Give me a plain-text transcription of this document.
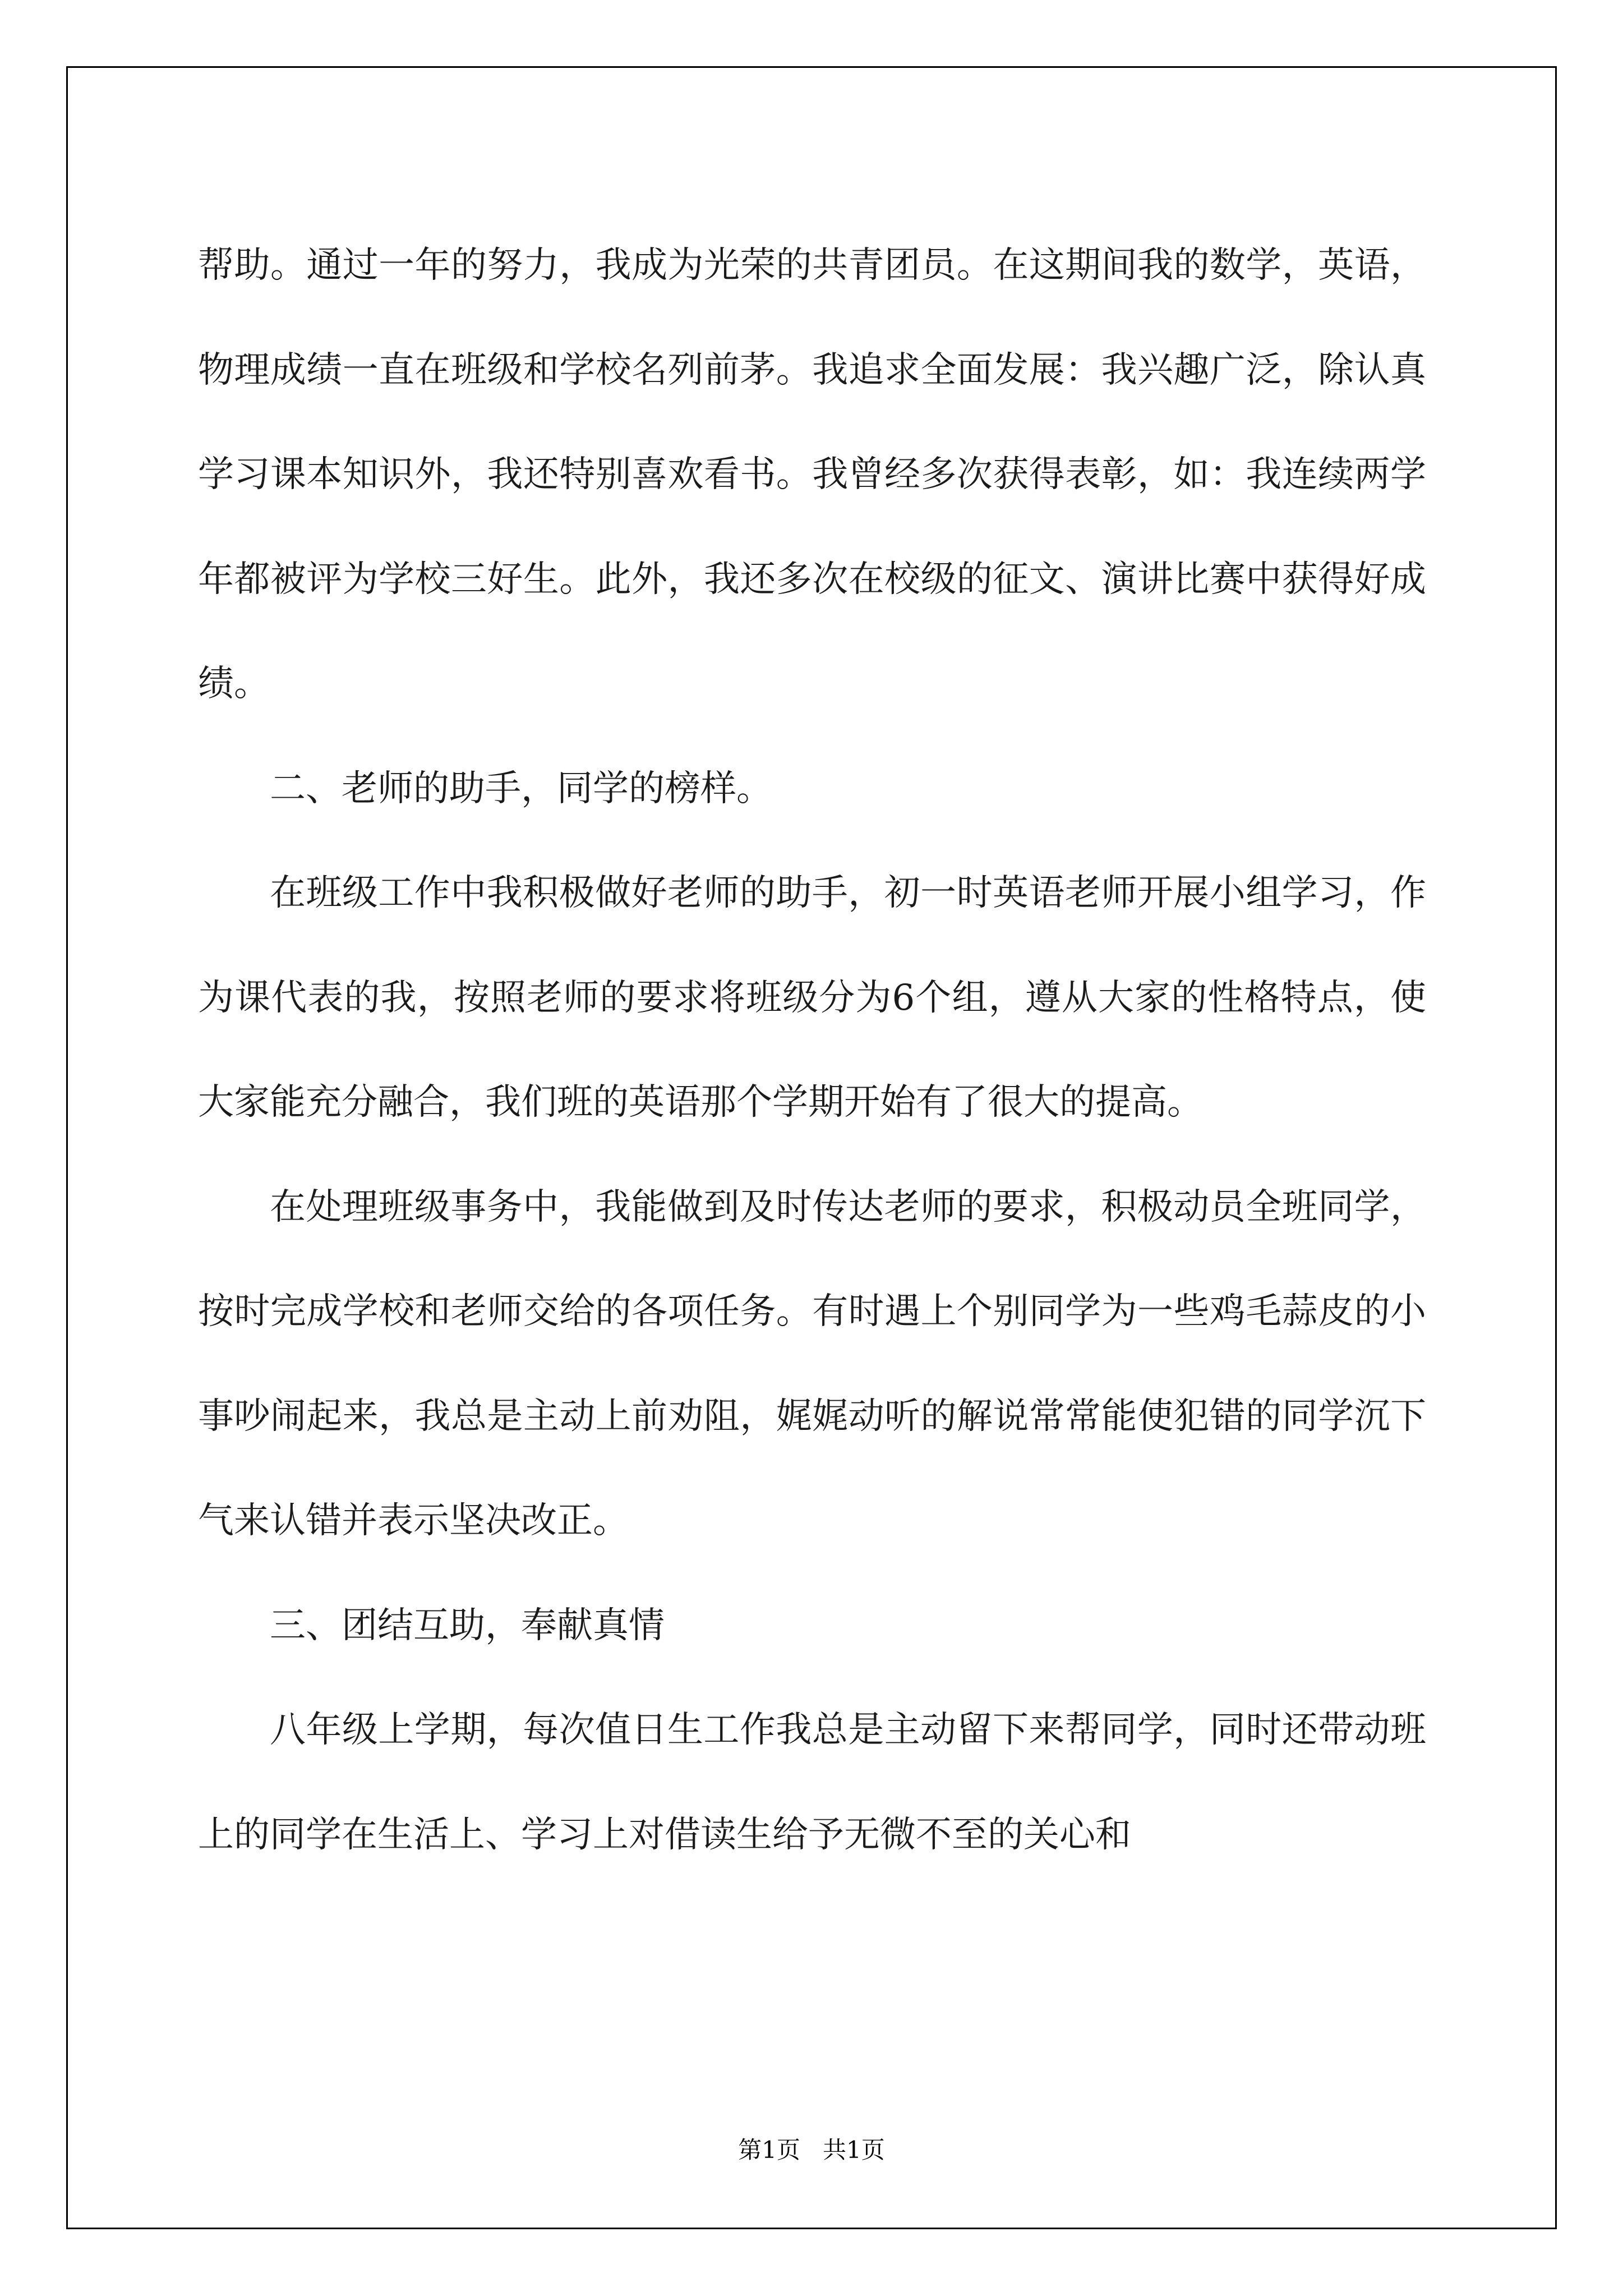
帮助。通过一年的努力，我成为光荣的共青团员。在这期间我的数学，英语，物理成绩一直在班级和学校名列前茅。我追求全面发展：我兴趣广泛，除认真学习课本知识外，我还特别喜欢看书。我曾经多次获得表彰，如：我连续两学年都被评为学校三好生。此外，我还多次在校级的征文、演讲比赛中获得好成绩。

二、老师的助手，同学的榜样。

在班级工作中我积极做好老师的助手，初一时英语老师开展小组学习，作为课代表的我，按照老师的要求将班级分为6个组，遵从大家的性格特点，使大家能充分融合，我们班的英语那个学期开始有了很大的提高。

在处理班级事务中，我能做到及时传达老师的要求，积极动员全班同学，按时完成学校和老师交给的各项任务。有时遇上个别同学为一些鸡毛蒜皮的小事吵闹起来，我总是主动上前劝阻，娓娓动听的解说常常能使犯错的同学沉下气来认错并表示坚决改正。

三、团结互助，奉献真情

八年级上学期，每次值日生工作我总是主动留下来帮同学，同时还带动班上的同学在生活上、学习上对借读生给予无微不至的关心和

第1页 共1页
